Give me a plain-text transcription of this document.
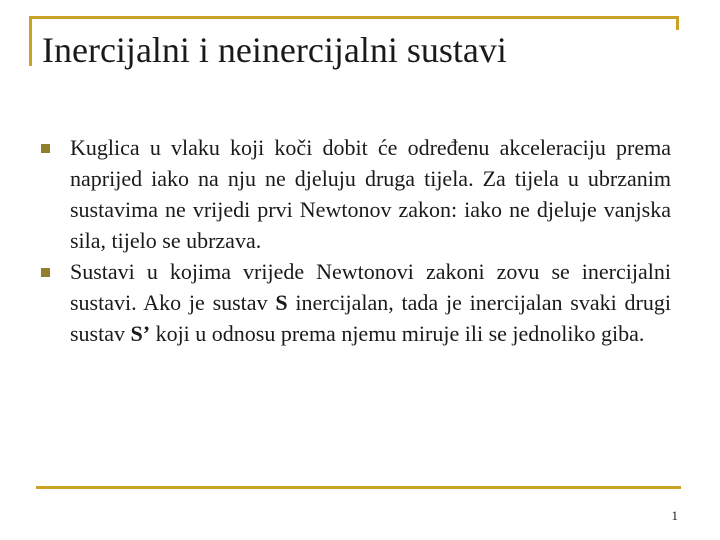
Inercijalni i neinercijalni sustavi

Kuglica u vlaku koji koči dobit će određenu akceleraciju prema naprijed iako na nju ne djeluju druga tijela. Za tijela u ubrzanim sustavima ne vrijedi prvi Newtonov zakon: iako ne djeluje vanjska sila, tijelo se ubrzava.

Sustavi u kojima vrijede Newtonovi zakoni zovu se inercijalni sustavi. Ako je sustav S inercijalan, tada je inercijalan svaki drugi sustav S’ koji u odnosu prema njemu miruje ili se jednoliko giba.

1
